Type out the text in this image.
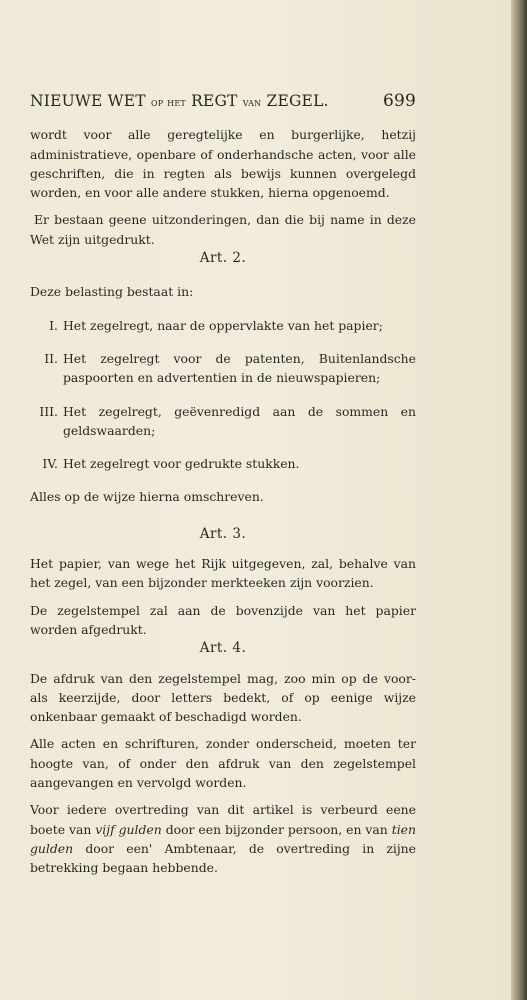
NIEUWE WET op het REGT van ZEGEL.	699

wordt voor alle geregtelijke en burgerlijke, hetzij administratieve, openbare of onderhandsche acten, voor alle geschriften, die in regten als bewijs kunnen overgelegd worden, en voor alle andere stukken, hierna opgenoemd.

Er bestaan geene uitzonderingen, dan die bij name in deze Wet zijn uitgedrukt.

Art. 2.

Deze belasting bestaat in:

I. Het zegelregt, naar de oppervlakte van het papier;
II. Het zegelregt voor de patenten, Buitenlandsche paspoorten en advertentien in de nieuwspapieren;
III. Het zegelregt, geëvenredigd aan de sommen en geldswaarden;
IV. Het zegelregt voor gedrukte stukken.

Alles op de wijze hierna omschreven.

Art. 3.

Het papier, van wege het Rijk uitgegeven, zal, behalve van het zegel, van een bijzonder merkteeken zijn voorzien.

De zegelstempel zal aan de bovenzijde van het papier worden afgedrukt.

Art. 4.

De afdruk van den zegelstempel mag, zoo min op de voor- als keerzijde, door letters bedekt, of op eenige wijze onkenbaar gemaakt of beschadigd worden.

Alle acten en schrifturen, zonder onderscheid, moeten ter hoogte van, of onder den afdruk van den zegelstempel aangevangen en vervolgd worden.

Voor iedere overtreding van dit artikel is verbeurd eene boete van vijf gulden door een bijzonder persoon, en van tien gulden door een' Ambtenaar, de overtreding in zijne betrekking begaan hebbende.
